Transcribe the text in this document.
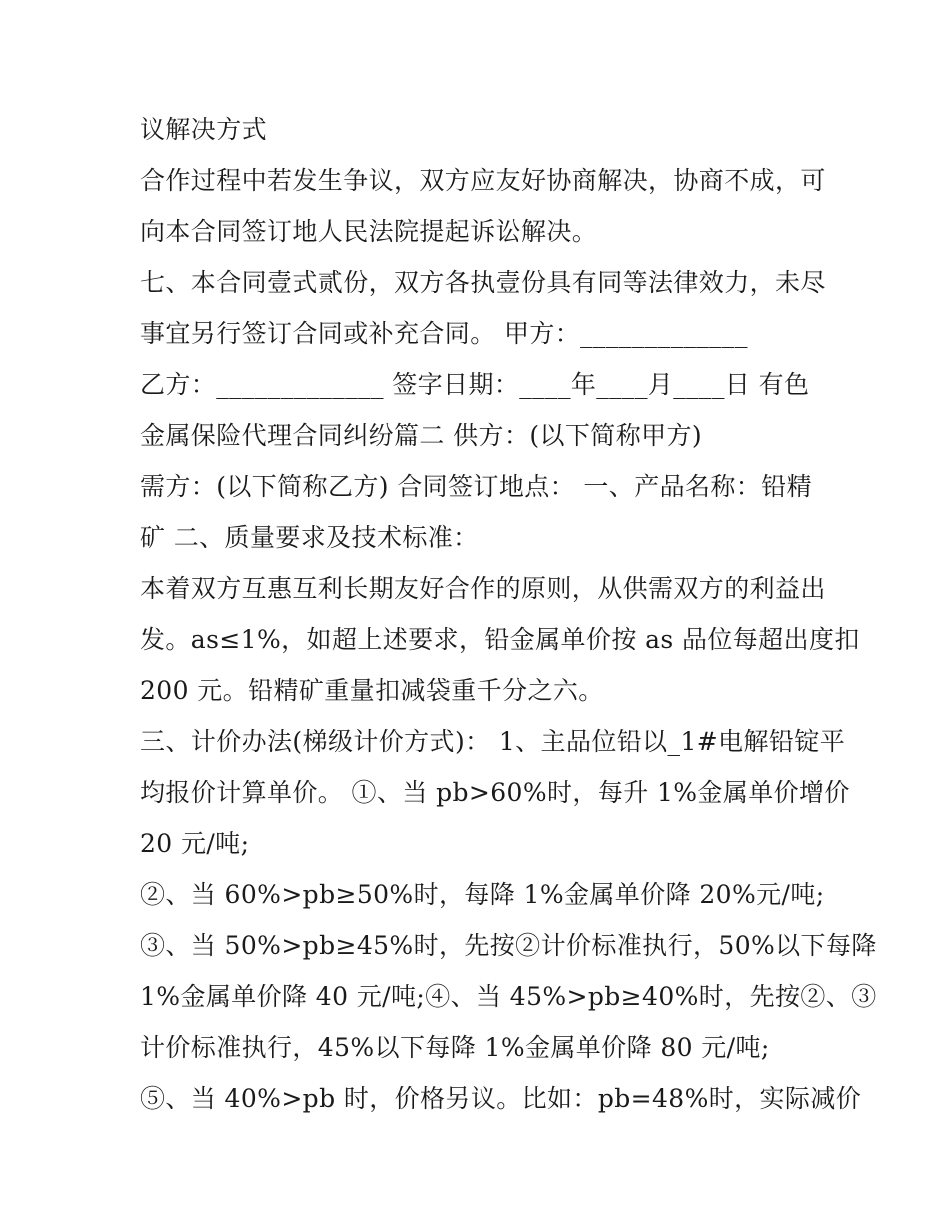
议解决方式
合作过程中若发生争议，双方应友好协商解决，协商不成，可
向本合同签订地人民法院提起诉讼解决。
七、本合同壹式贰份，双方各执壹份具有同等法律效力，未尽
事宜另行签订合同或补充合同。 甲方：_____________
乙方：_____________ 签字日期：____年____月____日 有色
金属保险代理合同纠纷篇二 供方：(以下简称甲方)
需方：(以下简称乙方) 合同签订地点： 一、产品名称：铅精
矿 二、质量要求及技术标准：
本着双方互惠互利长期友好合作的原则，从供需双方的利益出
发。as≤1%，如超上述要求，铅金属单价按 as 品位每超出度扣
200 元。铅精矿重量扣减袋重千分之六。
三、计价办法(梯级计价方式)： 1、主品位铅以_1#电解铅锭平
均报价计算单价。 ①、当 pb>60%时，每升 1%金属单价增价
20 元/吨;
②、当 60%>pb≥50%时，每降 1%金属单价降 20%元/吨;
③、当 50%>pb≥45%时，先按②计价标准执行，50%以下每降
1%金属单价降 40 元/吨;④、当 45%>pb≥40%时，先按②、③
计价标准执行，45%以下每降 1%金属单价降 80 元/吨;
⑤、当 40%>pb 时，价格另议。比如：pb=48%时，实际减价
